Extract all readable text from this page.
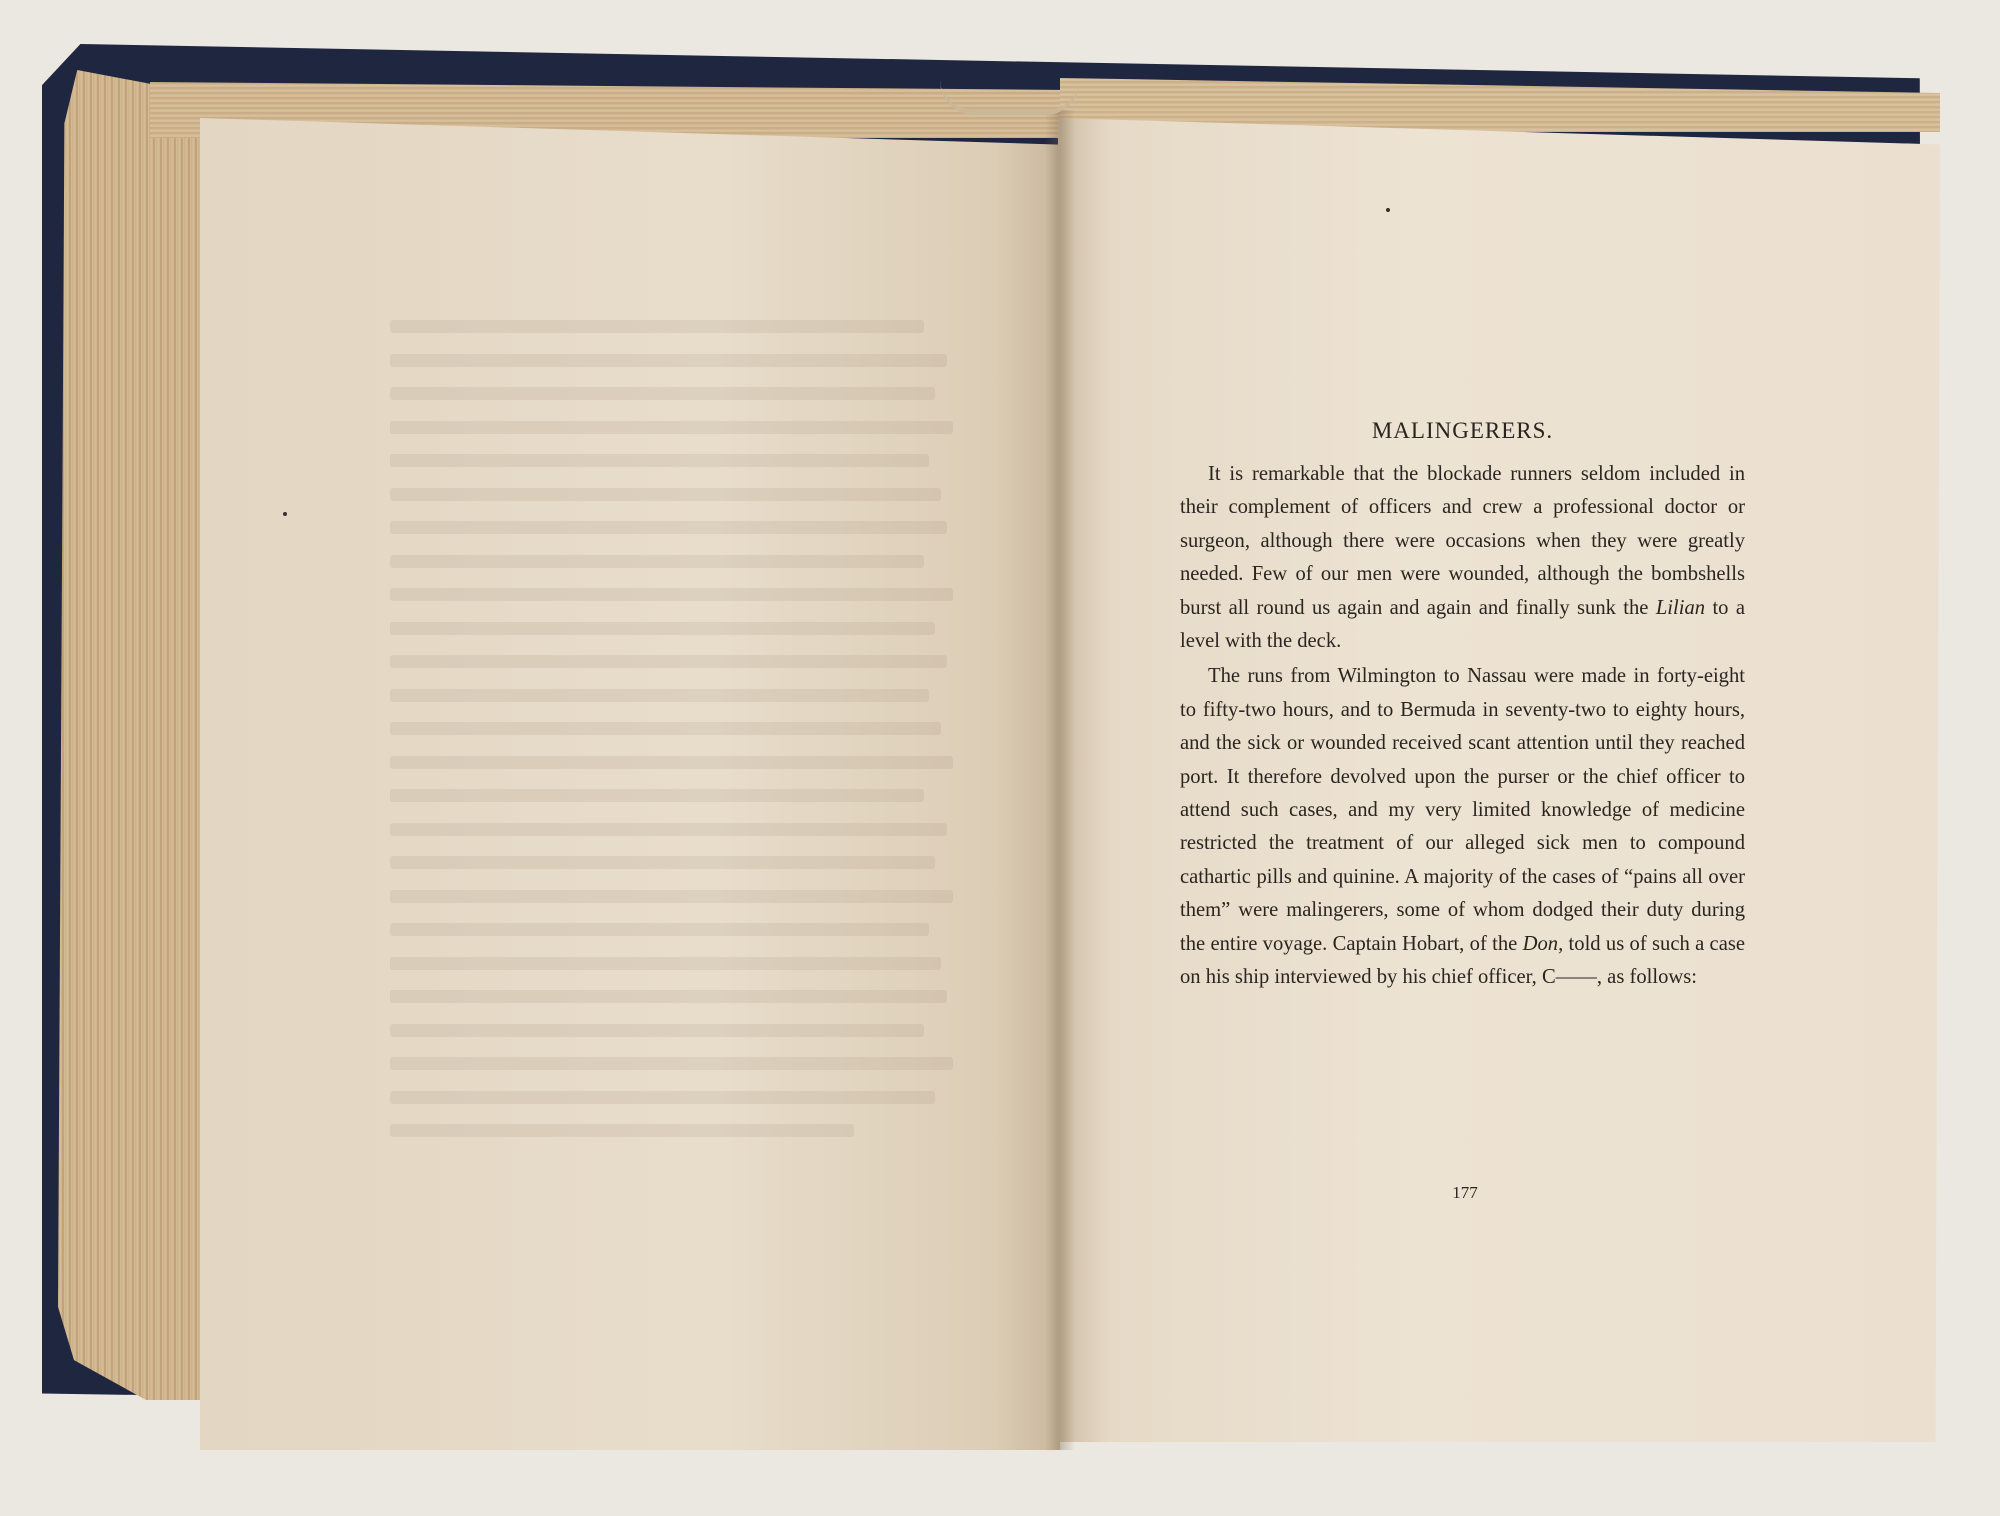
MALINGERERS.

It is remarkable that the blockade runners seldom included in their complement of officers and crew a professional doctor or surgeon, although there were occasions when they were greatly needed. Few of our men were wounded, although the bombshells burst all round us again and again and finally sunk the Lilian to a level with the deck.

The runs from Wilmington to Nassau were made in forty-eight to fifty-two hours, and to Bermuda in seventy-two to eighty hours, and the sick or wounded received scant attention until they reached port. It therefore devolved upon the purser or the chief officer to attend such cases, and my very limited knowledge of medicine restricted the treatment of our alleged sick men to compound cathartic pills and quinine. A majority of the cases of “pains all over them” were malingerers, some of whom dodged their duty during the entire voyage. Captain Hobart, of the Don, told us of such a case on his ship interviewed by his chief officer, C——, as follows:

177
